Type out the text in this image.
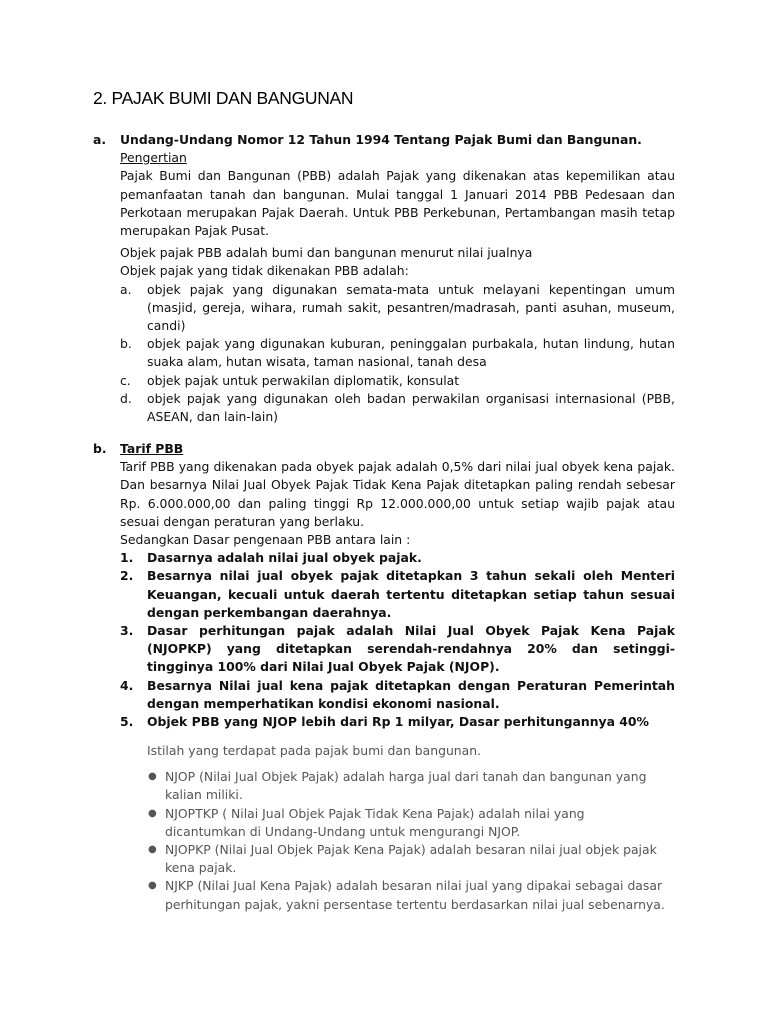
2. PAJAK BUMI DAN BANGUNAN
a. Undang-Undang Nomor 12 Tahun 1994 Tentang Pajak Bumi dan Bangunan.
Pengertian
Pajak Bumi dan Bangunan (PBB) adalah Pajak yang dikenakan atas kepemilikan atau pemanfaatan tanah dan bangunan. Mulai tanggal 1 Januari 2014 PBB Pedesaan dan Perkotaan merupakan Pajak Daerah. Untuk PBB Perkebunan, Pertambangan masih tetap merupakan Pajak Pusat.
Objek pajak PBB adalah bumi dan bangunan menurut nilai jualnya
Objek pajak yang tidak dikenakan PBB adalah:
a. objek pajak yang digunakan semata-mata untuk melayani kepentingan umum (masjid, gereja, wihara, rumah sakit, pesantren/madrasah, panti asuhan, museum, candi)
b. objek pajak yang digunakan kuburan, peninggalan purbakala, hutan lindung, hutan suaka alam, hutan wisata, taman nasional, tanah desa
c. objek pajak untuk perwakilan diplomatik, konsulat
d. objek pajak yang digunakan oleh badan perwakilan organisasi internasional (PBB, ASEAN, dan lain-lain)
b. Tarif PBB
Tarif PBB yang dikenakan pada obyek pajak adalah 0,5% dari nilai jual obyek kena pajak. Dan besarnya Nilai Jual Obyek Pajak Tidak Kena Pajak ditetapkan paling rendah sebesar Rp. 6.000.000,00 dan paling tinggi Rp 12.000.000,00 untuk setiap wajib pajak atau sesuai dengan peraturan yang berlaku.
Sedangkan Dasar pengenaan PBB antara lain :
1. Dasarnya adalah nilai jual obyek pajak.
2. Besarnya nilai jual obyek pajak ditetapkan 3 tahun sekali oleh Menteri Keuangan, kecuali untuk daerah tertentu ditetapkan setiap tahun sesuai dengan perkembangan daerahnya.
3. Dasar perhitungan pajak adalah Nilai Jual Obyek Pajak Kena Pajak (NJOPKP) yang ditetapkan serendah-rendahnya 20% dan setinggi-tingginya 100% dari Nilai Jual Obyek Pajak (NJOP).
4. Besarnya Nilai jual kena pajak ditetapkan dengan Peraturan Pemerintah dengan memperhatikan kondisi ekonomi nasional.
5. Objek PBB yang NJOP lebih dari Rp 1 milyar, Dasar perhitungannya 40%
Istilah yang terdapat pada pajak bumi dan bangunan.
● NJOP (Nilai Jual Objek Pajak) adalah harga jual dari tanah dan bangunan yang kalian miliki.
● NJOPTKP ( Nilai Jual Objek Pajak Tidak Kena Pajak) adalah nilai yang dicantumkan di Undang-Undang untuk mengurangi NJOP.
● NJOPKP (Nilai Jual Objek Pajak Kena Pajak) adalah besaran nilai jual objek pajak kena pajak.
● NJKP (Nilai Jual Kena Pajak) adalah besaran nilai jual yang dipakai sebagai dasar perhitungan pajak, yakni persentase tertentu berdasarkan nilai jual sebenarnya.
